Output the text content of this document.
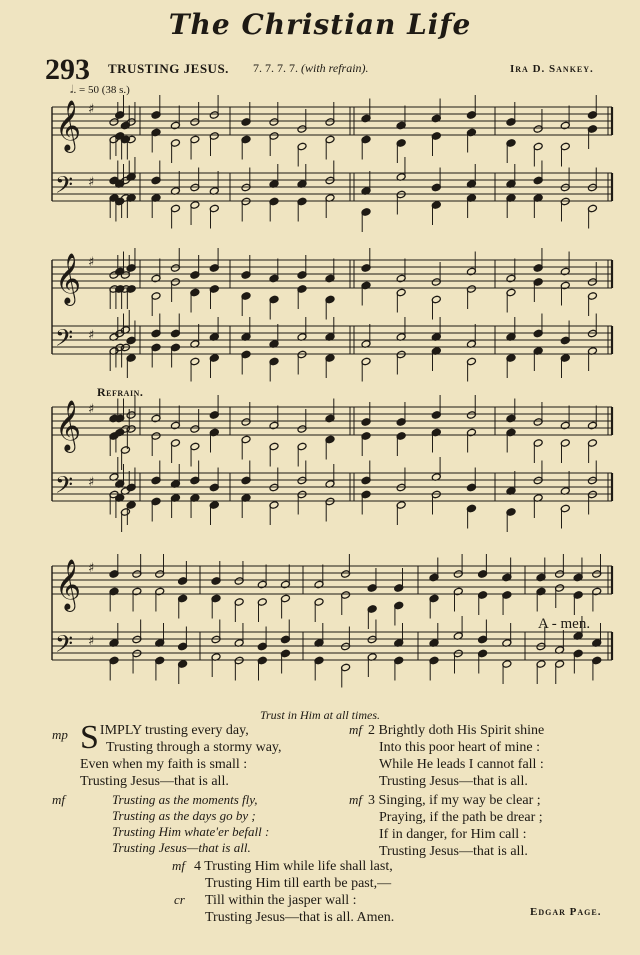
The Christian Life
293 TRUSTING JESUS. 7. 7. 7. 7. (with refrain).	Ira D. Sankey.
𝅗𝅥. = 50 (38 s.)
𝄞 ♯
𝄢 ♯
𝄞 ♯
𝄢 ♯
𝄞 ♯
𝄢 ♯
𝄞 ♯
𝄢 ♯
Refrain.
A - men.
Trust in Him at all times.
mp SIMPLY trusting every day,
Trusting through a stormy way,
Even when my faith is small :
Trusting Jesus—that is all.
mf	Trusting as the moments fly,
Trusting as the days go by ;
Trusting Him whate'er befall :
Trusting Jesus—that is all.
mf 2 Brightly doth His Spirit shine
Into this poor heart of mine :
While He leads I cannot fall :
Trusting Jesus—that is all.
mf 3 Singing, if my way be clear ;
Praying, if the path be drear ;
If in danger, for Him call :
Trusting Jesus—that is all.
mf
cr
4 Trusting Him while life shall last,
Trusting Him till earth be past,—
Till within the jasper wall :
Trusting Jesus—that is all. Amen.	Edgar Page.
